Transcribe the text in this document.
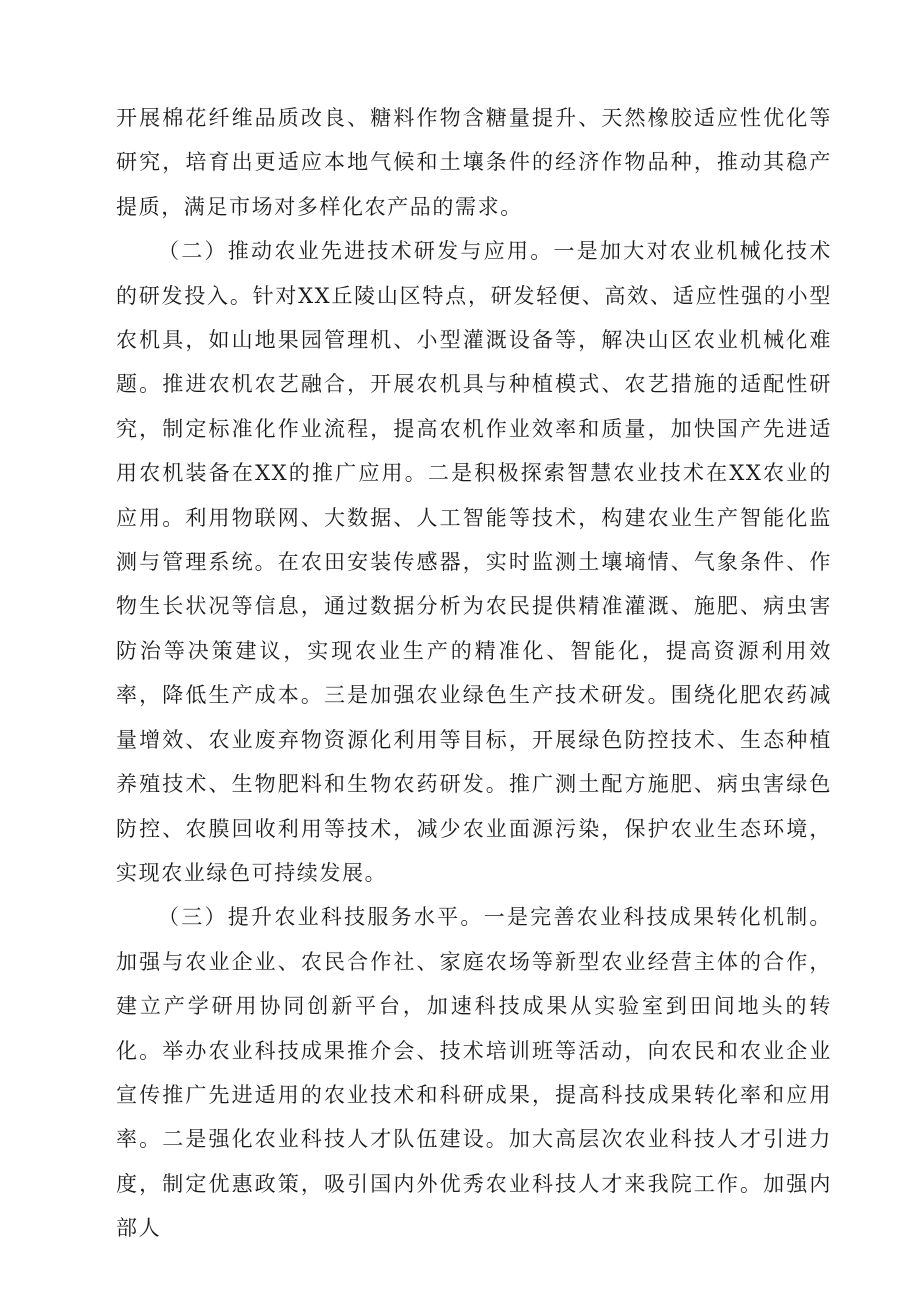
开展棉花纤维品质改良、糖料作物含糖量提升、天然橡胶适应性优化等研究，培育出更适应本地气候和土壤条件的经济作物品种，推动其稳产提质，满足市场对多样化农产品的需求。

（二）推动农业先进技术研发与应用。一是加大对农业机械化技术的研发投入。针对XX丘陵山区特点，研发轻便、高效、适应性强的小型农机具，如山地果园管理机、小型灌溉设备等，解决山区农业机械化难题。推进农机农艺融合，开展农机具与种植模式、农艺措施的适配性研究，制定标准化作业流程，提高农机作业效率和质量，加快国产先进适用农机装备在XX的推广应用。二是积极探索智慧农业技术在XX农业的应用。利用物联网、大数据、人工智能等技术，构建农业生产智能化监测与管理系统。在农田安装传感器，实时监测土壤墒情、气象条件、作物生长状况等信息，通过数据分析为农民提供精准灌溉、施肥、病虫害防治等决策建议，实现农业生产的精准化、智能化，提高资源利用效率，降低生产成本。三是加强农业绿色生产技术研发。围绕化肥农药减量增效、农业废弃物资源化利用等目标，开展绿色防控技术、生态种植养殖技术、生物肥料和生物农药研发。推广测土配方施肥、病虫害绿色防控、农膜回收利用等技术，减少农业面源污染，保护农业生态环境，实现农业绿色可持续发展。

（三）提升农业科技服务水平。一是完善农业科技成果转化机制。加强与农业企业、农民合作社、家庭农场等新型农业经营主体的合作，建立产学研用协同创新平台，加速科技成果从实验室到田间地头的转化。举办农业科技成果推介会、技术培训班等活动，向农民和农业企业宣传推广先进适用的农业技术和科研成果，提高科技成果转化率和应用率。二是强化农业科技人才队伍建设。加大高层次农业科技人才引进力度，制定优惠政策，吸引国内外优秀农业科技人才来我院工作。加强内部人
